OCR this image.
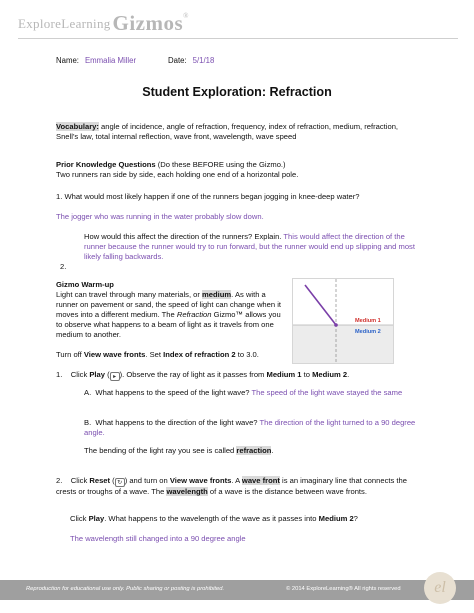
ExploreLearning Gizmos®
Name: Emmalia Miller	Date: 5/1/18
Student Exploration: Refraction
Vocabulary: angle of incidence, angle of refraction, frequency, index of refraction, medium, refraction, Snell’s law, total internal reflection, wave front, wavelength, wave speed
Prior Knowledge Questions (Do these BEFORE using the Gizmo.)
Two runners ran side by side, each holding one end of a horizontal pole.
1. What would most likely happen if one of the runners began jogging in knee-deep water?
The jogger who was running in the water probably slow down.
How would this affect the direction of the runners? Explain. This would affect the direction of the runner because the runner would try to run forward, but the runner would end up slipping and most likely falling backwards.
2.
Gizmo Warm-up
Light can travel through many materials, or medium. As with a runner on pavement or sand, the speed of light can change when it moves into a different medium. The Refraction Gizmo™ allows you to observe what happens to a beam of light as it travels from one medium to another.
Medium 1
Medium 2
Turn off View wave fronts. Set Index of refraction 2 to 3.0.
1. Click Play ( ▸ ). Observe the ray of light as it passes from Medium 1 to Medium 2.
A. What happens to the speed of the light wave? The speed of the light wave stayed the same
B. What happens to the direction of the light wave? The direction of the light turned to a 90 degree angle.
The bending of the light ray you see is called refraction.
2. Click Reset ( ↻ ) and turn on View wave fronts. A wave front is an imaginary line that connects the crests or troughs of a wave. The wavelength of a wave is the distance between wave fronts.
Click Play. What happens to the wavelength of the wave as it passes into Medium 2?
The wavelength still changed into a 90 degree angle
Reproduction for educational use only. Public sharing or posting is prohibited.	© 2014 ExploreLearning® All rights reserved	el
